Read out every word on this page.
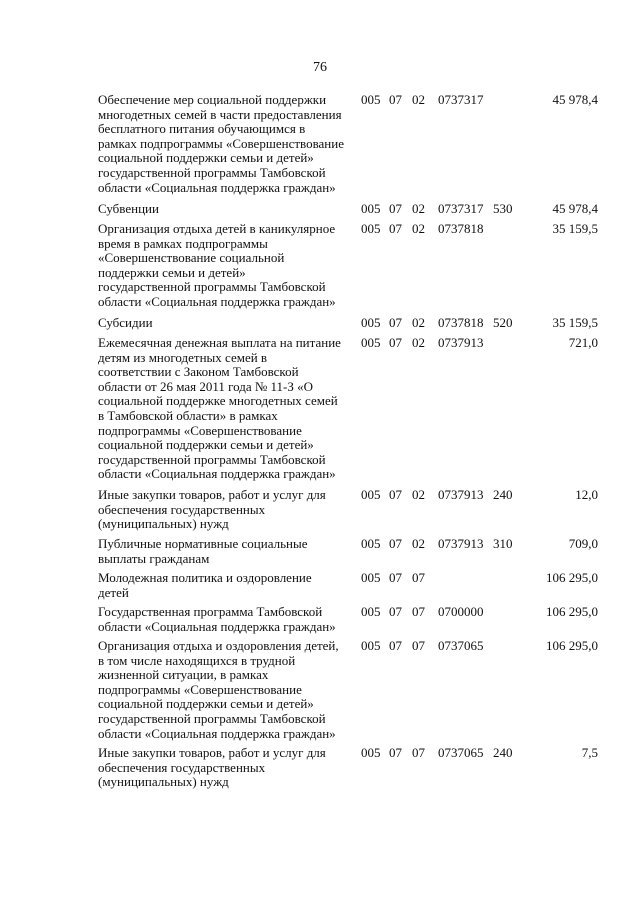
76
Обеспечение мер социальной поддержки
многодетных семей в части предоставления
бесплатного питания обучающимся в
рамках подпрограммы «Совершенствование
социальной поддержки семьи и детей»
государственной программы Тамбовской
области «Социальная поддержка граждан»
005 07 02 0737317	45 978,4
Субвенции	005 07 02 0737317 530	45 978,4
Организация отдыха детей в каникулярное
время в рамках подпрограммы
«Совершенствование социальной
поддержки семьи и детей»
государственной программы Тамбовской
области «Социальная поддержка граждан»
005 07 02 0737818	35 159,5
Субсидии	005 07 02 0737818 520	35 159,5
Ежемесячная денежная выплата на питание
детям из многодетных семей в
соответствии с Законом Тамбовской
области от 26 мая 2011 года № 11-З «О
социальной поддержке многодетных семей
в Тамбовской области» в рамках
подпрограммы «Совершенствование
социальной поддержки семьи и детей»
государственной программы Тамбовской
области «Социальная поддержка граждан»
005 07 02 0737913	721,0
Иные закупки товаров, работ и услуг для
обеспечения государственных
(муниципальных) нужд
005 07 02 0737913 240	12,0
Публичные нормативные социальные
выплаты гражданам
005 07 02 0737913 310	709,0
Молодежная политика и оздоровление
детей
005 07 07	106 295,0
Государственная программа Тамбовской
области «Социальная поддержка граждан»
005 07 07 0700000	106 295,0
Организация отдыха и оздоровления детей,
в том числе находящихся в трудной
жизненной ситуации, в рамках
подпрограммы «Совершенствование
социальной поддержки семьи и детей»
государственной программы Тамбовской
области «Социальная поддержка граждан»
005 07 07 0737065	106 295,0
Иные закупки товаров, работ и услуг для
обеспечения государственных
(муниципальных) нужд
005 07 07 0737065 240	7,5
